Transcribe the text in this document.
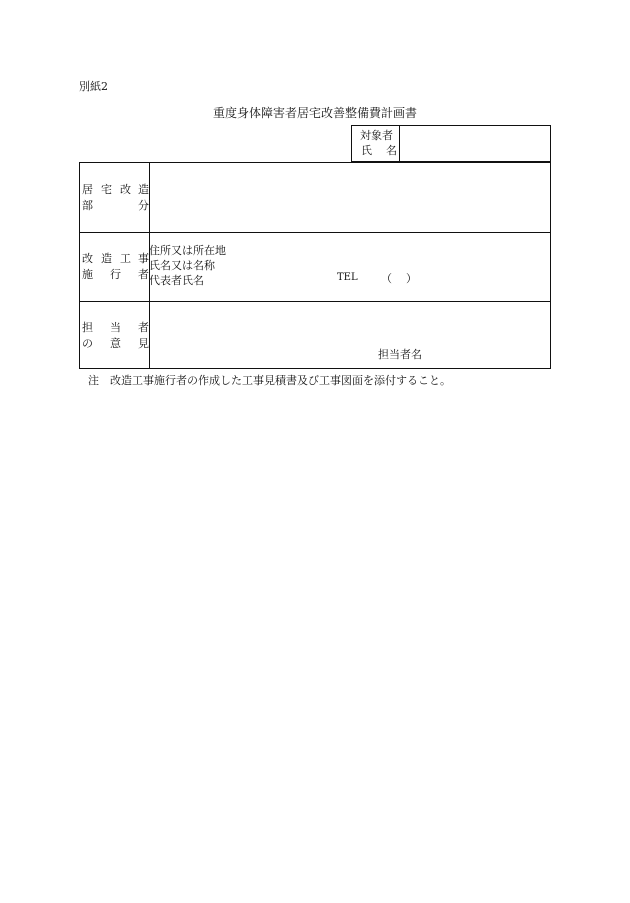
別紙2
重度身体障害者居宅改善整備費計画書
対象者
氏名
居 宅 改 造
部	分
改 造 工 事
施 行 者
住所又は所在地
氏名又は名称
代表者氏名	TEL （ ）
担 当 者
の 意 見
担当者名
注　改造工事施行者の作成した工事見積書及び工事図面を添付すること。
